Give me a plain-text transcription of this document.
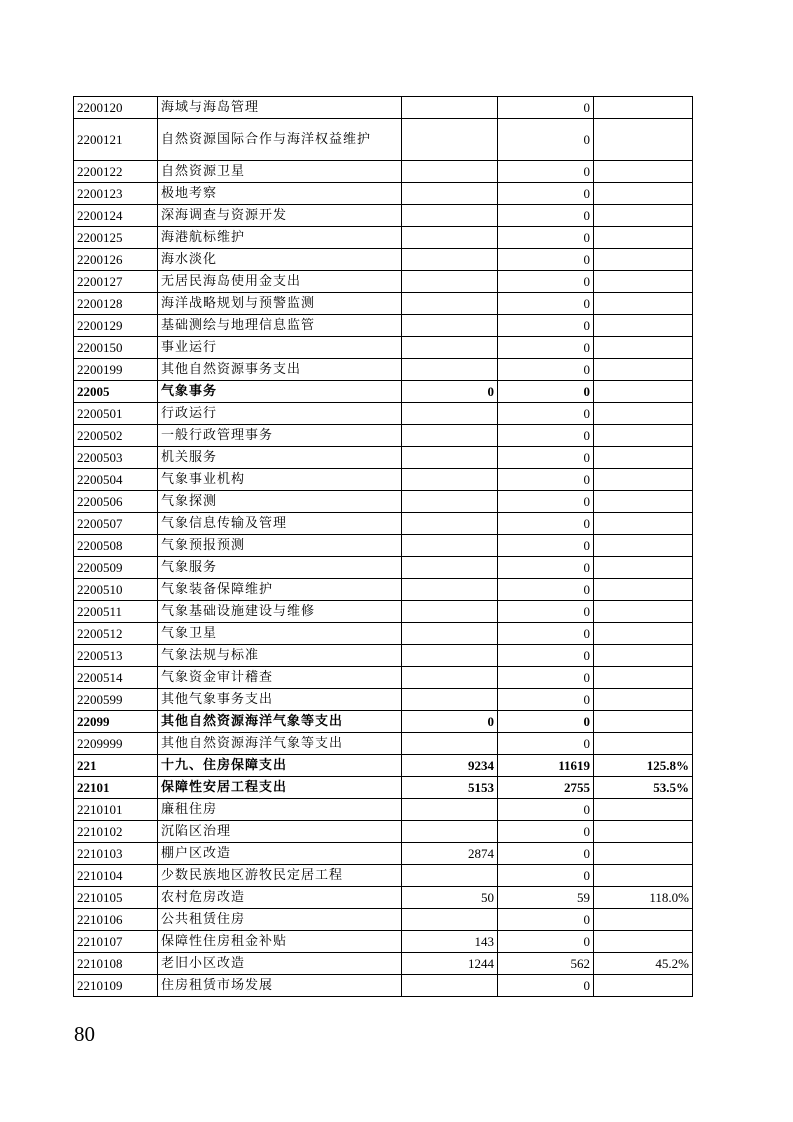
2200120	海域与海岛管理		0	
2200121	自然资源国际合作与海洋权益维护		0	
2200122	自然资源卫星		0	
2200123	极地考察		0	
2200124	深海调查与资源开发		0	
2200125	海港航标维护		0	
2200126	海水淡化		0	
2200127	无居民海岛使用金支出		0	
2200128	海洋战略规划与预警监测		0	
2200129	基础测绘与地理信息监管		0	
2200150	事业运行		0	
2200199	其他自然资源事务支出		0	
22005	气象事务	0	0	
2200501	行政运行		0	
2200502	一般行政管理事务		0	
2200503	机关服务		0	
2200504	气象事业机构		0	
2200506	气象探测		0	
2200507	气象信息传输及管理		0	
2200508	气象预报预测		0	
2200509	气象服务		0	
2200510	气象装备保障维护		0	
2200511	气象基础设施建设与维修		0	
2200512	气象卫星		0	
2200513	气象法规与标准		0	
2200514	气象资金审计稽查		0	
2200599	其他气象事务支出		0	
22099	其他自然资源海洋气象等支出	0	0	
2209999	其他自然资源海洋气象等支出		0	
221	十九、住房保障支出	9234	11619	125.8%
22101	保障性安居工程支出	5153	2755	53.5%
2210101	廉租住房		0	
2210102	沉陷区治理		0	
2210103	棚户区改造	2874	0	
2210104	少数民族地区游牧民定居工程		0	
2210105	农村危房改造	50	59	118.0%
2210106	公共租赁住房		0	
2210107	保障性住房租金补贴	143	0	
2210108	老旧小区改造	1244	562	45.2%
2210109	住房租赁市场发展		0	
80
